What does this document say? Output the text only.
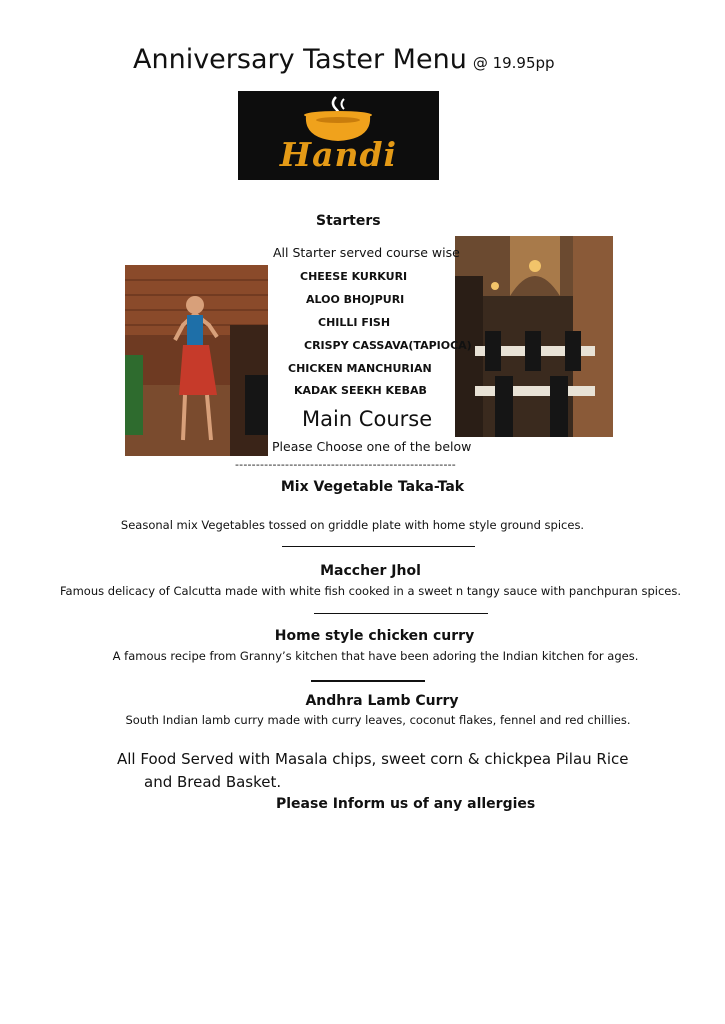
Anniversary Taster Menu @ 19.95pp
Handi
Starters
All Starter served course wise
CHEESE KURKURI
ALOO BHOJPURI
CHILLI FISH
CRISPY CASSAVA(TAPIOCA)
CHICKEN MANCHURIAN
KADAK SEEKH KEBAB
Main Course
Please Choose one of the below
-----------------------------------------------------
Mix Vegetable Taka-Tak
Seasonal mix Vegetables tossed on griddle plate with home style ground spices.
Maccher Jhol
Famous delicacy of Calcutta made with white fish cooked in a sweet n tangy sauce with panchpuran spices.
Home style chicken curry
A famous recipe from Granny’s kitchen that have been adoring the Indian kitchen for ages.
Andhra Lamb Curry
South Indian lamb curry made with curry leaves, coconut flakes, fennel and red chillies.
All Food Served with Masala chips, sweet corn & chickpea Pilau Rice
and Bread Basket.
Please Inform us of any allergies
